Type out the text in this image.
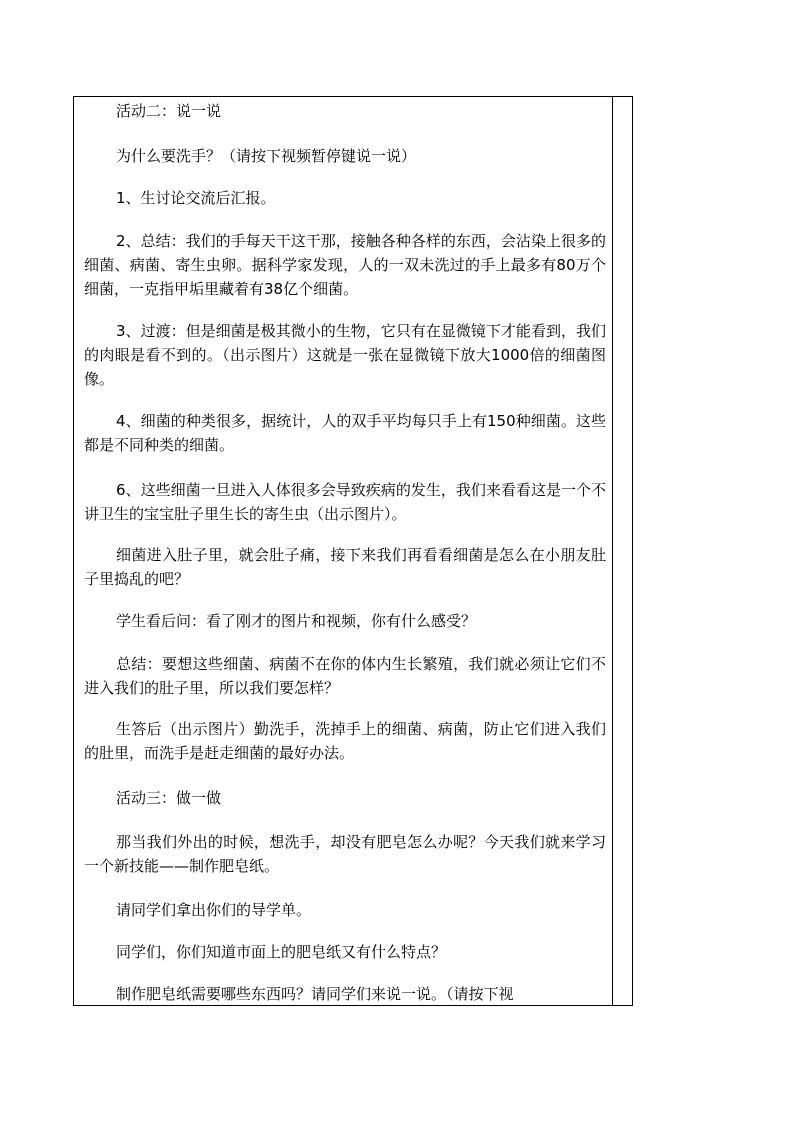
活动二：说一说

为什么要洗手？（请按下视频暂停键说一说）

1、生讨论交流后汇报。

2、总结：我们的手每天干这干那，接触各种各样的东西，会沾染上很多的细菌、病菌、寄生虫卵。据科学家发现，人的一双未洗过的手上最多有80万个细菌，一克指甲垢里藏着有38亿个细菌。

3、过渡：但是细菌是极其微小的生物，它只有在显微镜下才能看到，我们的肉眼是看不到的。（出示图片）这就是一张在显微镜下放大1000倍的细菌图像。

4、细菌的种类很多，据统计，人的双手平均每只手上有150种细菌。这些都是不同种类的细菌。

6、这些细菌一旦进入人体很多会导致疾病的发生，我们来看看这是一个不讲卫生的宝宝肚子里生长的寄生虫（出示图片）。

细菌进入肚子里，就会肚子痛，接下来我们再看看细菌是怎么在小朋友肚子里捣乱的吧？

学生看后问：看了刚才的图片和视频，你有什么感受？

总结：要想这些细菌、病菌不在你的体内生长繁殖，我们就必须让它们不进入我们的肚子里，所以我们要怎样？

生答后（出示图片）勤洗手，洗掉手上的细菌、病菌，防止它们进入我们的肚里，而洗手是赶走细菌的最好办法。

活动三：做一做

那当我们外出的时候，想洗手，却没有肥皂怎么办呢？今天我们就来学习一个新技能——制作肥皂纸。

请同学们拿出你们的导学单。

同学们，你们知道市面上的肥皂纸又有什么特点？

制作肥皂纸需要哪些东西吗？请同学们来说一说。（请按下视
